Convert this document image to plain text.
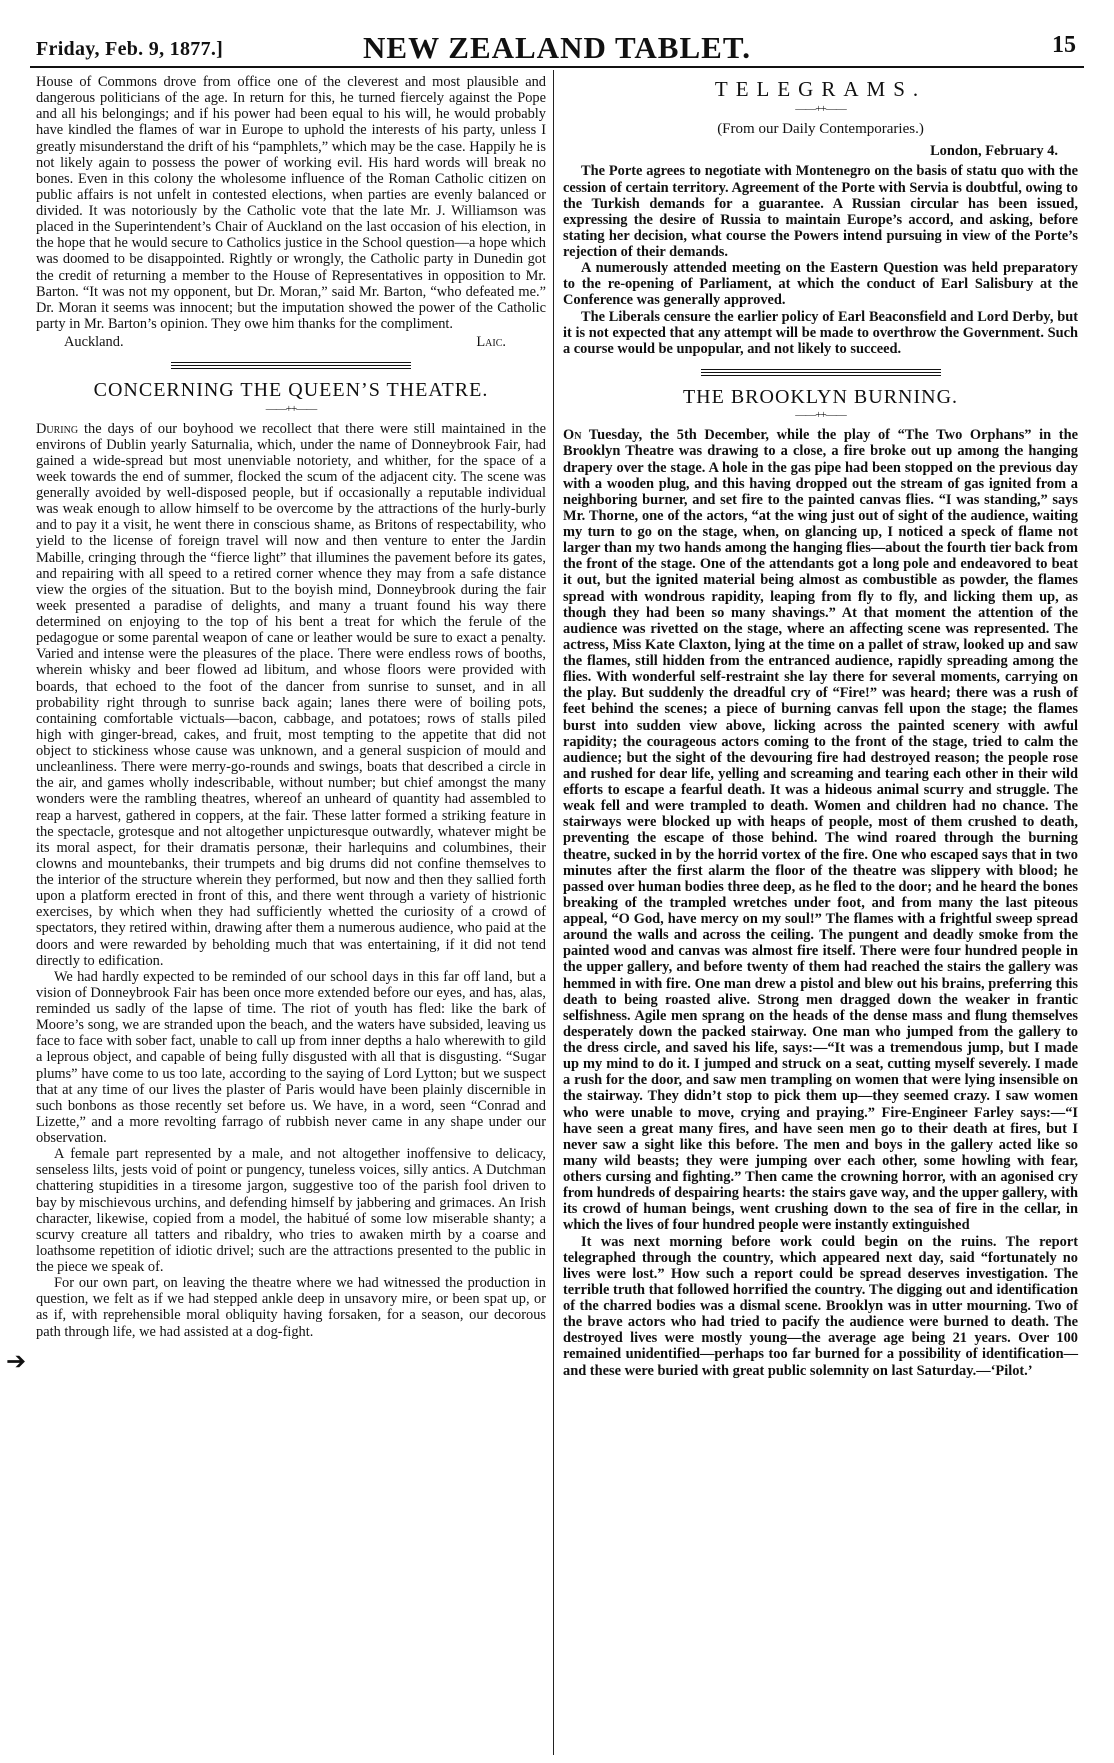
Friday, Feb. 9, 1877.]	NEW ZEALAND TABLET.	15
➔

House of Commons drove from office one of the cleverest and most plausible and dangerous politicians of the age. In return for this, he turned fiercely against the Pope and all his belongings; and if his power had been equal to his will, he would probably have kindled the flames of war in Europe to uphold the interests of his party, unless I greatly misunderstand the drift of his “pamphlets,” which may be the case. Happily he is not likely again to possess the power of working evil. His hard words will break no bones. Even in this colony the wholesome influence of the Roman Catholic citizen on public affairs is not unfelt in contested elections, when parties are evenly balanced or divided. It was notoriously by the Catholic vote that the late Mr. J. Williamson was placed in the Superintendent’s Chair of Auckland on the last occasion of his election, in the hope that he would secure to Catholics justice in the School question—a hope which was doomed to be disappointed. Rightly or wrongly, the Catholic party in Dunedin got the credit of returning a member to the House of Representatives in opposition to Mr. Barton. “It was not my opponent, but Dr. Moran,” said Mr. Barton, “who defeated me.” Dr. Moran it seems was innocent; but the imputation showed the power of the Catholic party in Mr. Barton’s opinion. They owe him thanks for the compliment.

Auckland.	Laic.
CONCERNING THE QUEEN’S THEATRE.
——++——

During the days of our boyhood we recollect that there were still maintained in the environs of Dublin yearly Saturnalia, which, under the name of Donneybrook Fair, had gained a wide-spread but most unenviable notoriety, and whither, for the space of a week towards the end of summer, flocked the scum of the adjacent city. The scene was generally avoided by well-disposed people, but if occasionally a reputable individual was weak enough to allow himself to be overcome by the attractions of the hurly-burly and to pay it a visit, he went there in conscious shame, as Britons of respectability, who yield to the license of foreign travel will now and then venture to enter the Jardin Mabille, cringing through the “fierce light” that illumines the pavement before its gates, and repairing with all speed to a retired corner whence they may from a safe distance view the orgies of the situation. But to the boyish mind, Donneybrook during the fair week presented a paradise of delights, and many a truant found his way there determined on enjoying to the top of his bent a treat for which the ferule of the pedagogue or some parental weapon of cane or leather would be sure to exact a penalty. Varied and intense were the pleasures of the place. There were endless rows of booths, wherein whisky and beer flowed ad libitum, and whose floors were provided with boards, that echoed to the foot of the dancer from sunrise to sunset, and in all probability right through to sunrise back again; lanes there were of boiling pots, containing comfortable victuals—bacon, cabbage, and potatoes; rows of stalls piled high with ginger-bread, cakes, and fruit, most tempting to the appetite that did not object to stickiness whose cause was unknown, and a general suspicion of mould and uncleanliness. There were merry-go-rounds and swings, boats that described a circle in the air, and games wholly indescribable, without number; but chief amongst the many wonders were the rambling theatres, whereof an unheard of quantity had assembled to reap a harvest, gathered in coppers, at the fair. These latter formed a striking feature in the spectacle, grotesque and not altogether unpicturesque outwardly, whatever might be its moral aspect, for their dramatis personæ, their harlequins and columbines, their clowns and mountebanks, their trumpets and big drums did not confine themselves to the interior of the structure wherein they performed, but now and then they sallied forth upon a platform erected in front of this, and there went through a variety of histrionic exercises, by which when they had sufficiently whetted the curiosity of a crowd of spectators, they retired within, drawing after them a numerous audience, who paid at the doors and were rewarded by beholding much that was entertaining, if it did not tend directly to edification.

We had hardly expected to be reminded of our school days in this far off land, but a vision of Donneybrook Fair has been once more extended before our eyes, and has, alas, reminded us sadly of the lapse of time. The riot of youth has fled: like the bark of Moore’s song, we are stranded upon the beach, and the waters have subsided, leaving us face to face with sober fact, unable to call up from inner depths a halo wherewith to gild a leprous object, and capable of being fully disgusted with all that is disgusting. “Sugar plums” have come to us too late, according to the saying of Lord Lytton; but we suspect that at any time of our lives the plaster of Paris would have been plainly discernible in such bonbons as those recently set before us. We have, in a word, seen “Conrad and Lizette,” and a more revolting farrago of rubbish never came in any shape under our observation.

A female part represented by a male, and not altogether inoffensive to delicacy, senseless lilts, jests void of point or pungency, tuneless voices, silly antics. A Dutchman chattering stupidities in a tiresome jargon, suggestive too of the parish fool driven to bay by mischievous urchins, and defending himself by jabbering and grimaces. An Irish character, likewise, copied from a model, the habitué of some low miserable shanty; a scurvy creature all tatters and ribaldry, who tries to awaken mirth by a coarse and loathsome repetition of idiotic drivel; such are the attractions presented to the public in the piece we speak of.

For our own part, on leaving the theatre where we had witnessed the production in question, we felt as if we had stepped ankle deep in unsavory mire, or been spat up, or as if, with reprehensible moral obliquity having forsaken, for a season, our decorous path through life, we had assisted at a dog-fight.

TELEGRAMS.
——++——
(From our Daily Contemporaries.)
London, February 4.

The Porte agrees to negotiate with Montenegro on the basis of statu quo with the cession of certain territory. Agreement of the Porte with Servia is doubtful, owing to the Turkish demands for a guarantee. A Russian circular has been issued, expressing the desire of Russia to maintain Europe’s accord, and asking, before stating her decision, what course the Powers intend pursuing in view of the Porte’s rejection of their demands.

A numerously attended meeting on the Eastern Question was held preparatory to the re-opening of Parliament, at which the conduct of Earl Salisbury at the Conference was generally approved.

The Liberals censure the earlier policy of Earl Beaconsfield and Lord Derby, but it is not expected that any attempt will be made to overthrow the Government. Such a course would be unpopular, and not likely to succeed.

THE BROOKLYN BURNING.
——++——

On Tuesday, the 5th December, while the play of “The Two Orphans” in the Brooklyn Theatre was drawing to a close, a fire broke out up among the hanging drapery over the stage. A hole in the gas pipe had been stopped on the previous day with a wooden plug, and this having dropped out the stream of gas ignited from a neighboring burner, and set fire to the painted canvas flies. “I was standing,” says Mr. Thorne, one of the actors, “at the wing just out of sight of the audience, waiting my turn to go on the stage, when, on glancing up, I noticed a speck of flame not larger than my two hands among the hanging flies—about the fourth tier back from the front of the stage. One of the attendants got a long pole and endeavored to beat it out, but the ignited material being almost as combustible as powder, the flames spread with wondrous rapidity, leaping from fly to fly, and licking them up, as though they had been so many shavings.” At that moment the attention of the audience was rivetted on the stage, where an affecting scene was represented. The actress, Miss Kate Claxton, lying at the time on a pallet of straw, looked up and saw the flames, still hidden from the entranced audience, rapidly spreading among the flies. With wonderful self-restraint she lay there for several moments, carrying on the play. But suddenly the dreadful cry of “Fire!” was heard; there was a rush of feet behind the scenes; a piece of burning canvas fell upon the stage; the flames burst into sudden view above, licking across the painted scenery with awful rapidity; the courageous actors coming to the front of the stage, tried to calm the audience; but the sight of the devouring fire had destroyed reason; the people rose and rushed for dear life, yelling and screaming and tearing each other in their wild efforts to escape a fearful death. It was a hideous animal scurry and struggle. The weak fell and were trampled to death. Women and children had no chance. The stairways were blocked up with heaps of people, most of them crushed to death, preventing the escape of those behind. The wind roared through the burning theatre, sucked in by the horrid vortex of the fire. One who escaped says that in two minutes after the first alarm the floor of the theatre was slippery with blood; he passed over human bodies three deep, as he fled to the door; and he heard the bones breaking of the trampled wretches under foot, and from many the last piteous appeal, “O God, have mercy on my soul!” The flames with a frightful sweep spread around the walls and across the ceiling. The pungent and deadly smoke from the painted wood and canvas was almost fire itself. There were four hundred people in the upper gallery, and before twenty of them had reached the stairs the gallery was hemmed in with fire. One man drew a pistol and blew out his brains, preferring this death to being roasted alive. Strong men dragged down the weaker in frantic selfishness. Agile men sprang on the heads of the dense mass and flung themselves desperately down the packed stairway. One man who jumped from the gallery to the dress circle, and saved his life, says:—“It was a tremendous jump, but I made up my mind to do it. I jumped and struck on a seat, cutting myself severely. I made a rush for the door, and saw men trampling on women that were lying insensible on the stairway. They didn’t stop to pick them up—they seemed crazy. I saw women who were unable to move, crying and praying.” Fire-Engineer Farley says:—“I have seen a great many fires, and have seen men go to their death at fires, but I never saw a sight like this before. The men and boys in the gallery acted like so many wild beasts; they were jumping over each other, some howling with fear, others cursing and fighting.” Then came the crowning horror, with an agonised cry from hundreds of despairing hearts: the stairs gave way, and the upper gallery, with its crowd of human beings, went crushing down to the sea of fire in the cellar, in which the lives of four hundred people were instantly extinguished

It was next morning before work could begin on the ruins. The report telegraphed through the country, which appeared next day, said “fortunately no lives were lost.” How such a report could be spread deserves investigation. The terrible truth that followed horrified the country. The digging out and identification of the charred bodies was a dismal scene. Brooklyn was in utter mourning. Two of the brave actors who had tried to pacify the audience were burned to death. The destroyed lives were mostly young—the average age being 21 years. Over 100 remained unidentified—perhaps too far burned for a possibility of identification—and these were buried with great public solemnity on last Saturday.—‘Pilot.’
